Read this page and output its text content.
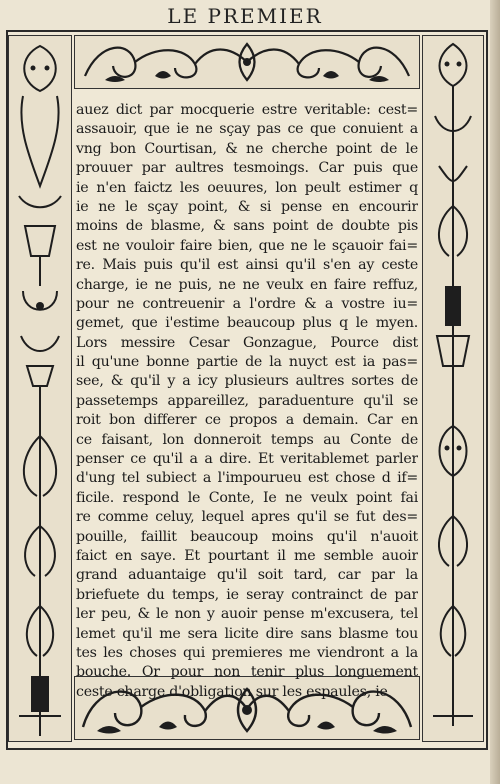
LE PREMIER
auez dict par mocquerie estre veritable: cest=
assauoir, que ie ne sçay pas ce que conuient a
vng bon Courtisan, & ne cherche point de le
prouuer par aultres tesmoings. Car puis que
ie n'en faictz les oeuures, lon peult estimer q
ie ne le sçay point, & si pense en encourir
moins de blasme, & sans point de doubte pis
est ne vouloir faire bien, que ne le sçauoir fai=
re. Mais puis qu'il est ainsi qu'il s'en ay ceste
charge, ie ne puis, ne ne veulx en faire reffuz,
pour ne contreuenir a l'ordre & a vostre iu=
gemet, que i'estime beaucoup plus q le myen.
Lors messire Cesar Gonzague, Pource dist
il qu'une bonne partie de la nuyct est ia pas=
see, & qu'il y a icy plusieurs aultres sortes de
passetemps appareillez, paraduenture qu'il se
roit bon differer ce propos a demain. Car en
ce faisant, lon donneroit temps au Conte de
penser ce qu'il a a dire. Et veritablemet parler
d'ung tel subiect a l'impourueu est chose d if=
ficile. respond le Conte, Ie ne veulx point fai
re comme celuy, lequel apres qu'il se fut des=
pouille, faillit beaucoup moins qu'il n'auoit
faict en saye. Et pourtant il me semble auoir
grand aduantaige qu'il soit tard, car par la
briefuete du temps, ie seray contrainct de par
ler peu, & le non y auoir pense m'excusera, tel
lemet qu'il me sera licite dire sans blasme tou
tes les choses qui premieres me viendront a la
bouche. Or pour non tenir plus longuement
ceste charge d'obligation sur les espaules, ie
